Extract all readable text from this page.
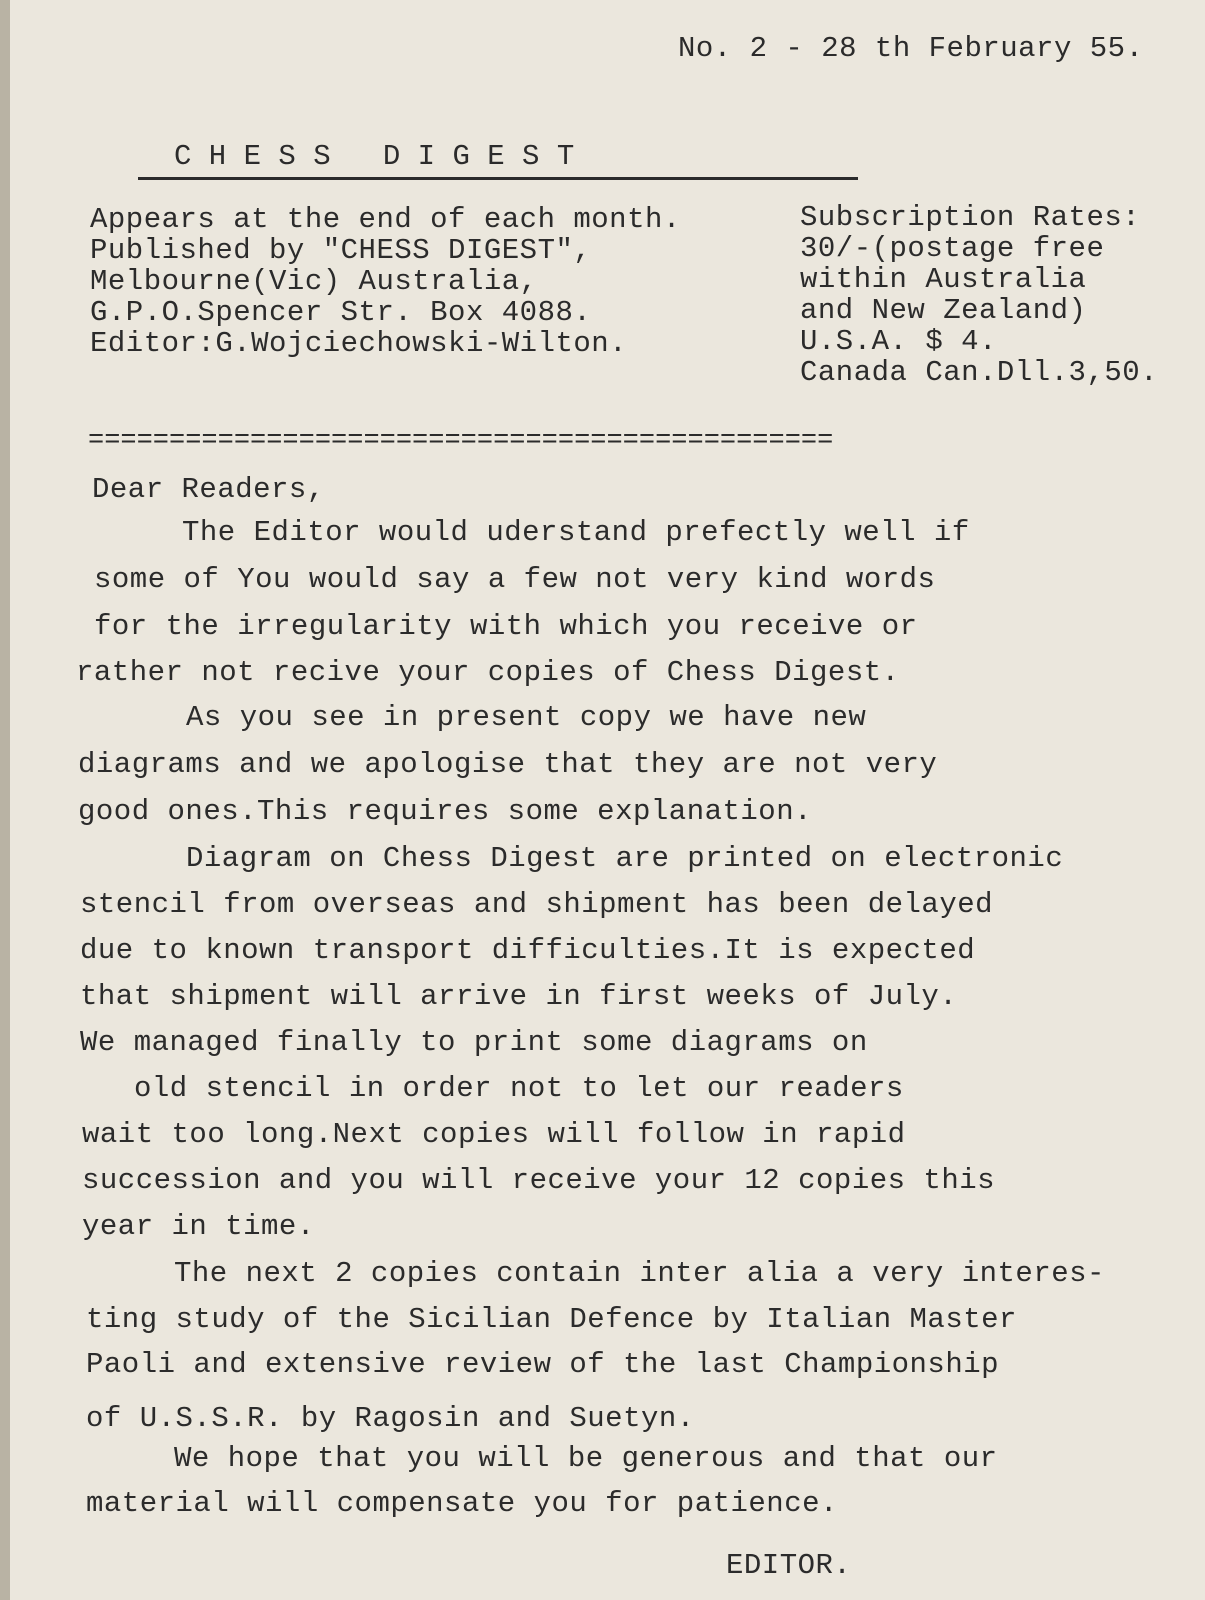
No. 2 - 28 th February 55.
C H E S S   D I G E S T
Appears at the end of each month.
Published by "CHESS DIGEST",
Melbourne(Vic) Australia,
G.P.O.Spencer Str. Box 4088.
Editor:G.Wojciechowski-Wilton.
Subscription Rates:
30/-(postage free
within Australia
and New Zealand)
U.S.A. $ 4.
Canada Can.Dll.3,50.
==============================================
Dear Readers,
The Editor would uderstand prefectly well if
some of You would say a few not very kind words
for the irregularity with which you receive or
rather not recive your copies of Chess Digest.
As you see in present copy we have new
diagrams and we apologise that they are not very
good ones.This requires some explanation.
Diagram on Chess Digest are printed on electronic
stencil from overseas and shipment has been delayed
due to known transport difficulties.It is expected
that shipment will arrive in first weeks of July.
We managed finally to print some diagrams on
old stencil in order not to let our readers
wait too long.Next copies will follow in rapid
succession and you will receive your 12 copies this
year in time.
The next 2 copies contain inter alia a very interes-
ting study of the Sicilian Defence by Italian Master
Paoli and extensive review of the last Championship
of U.S.S.R. by Ragosin and Suetyn.
We hope that you will be generous and that our
material will compensate you for patience.
EDITOR.
